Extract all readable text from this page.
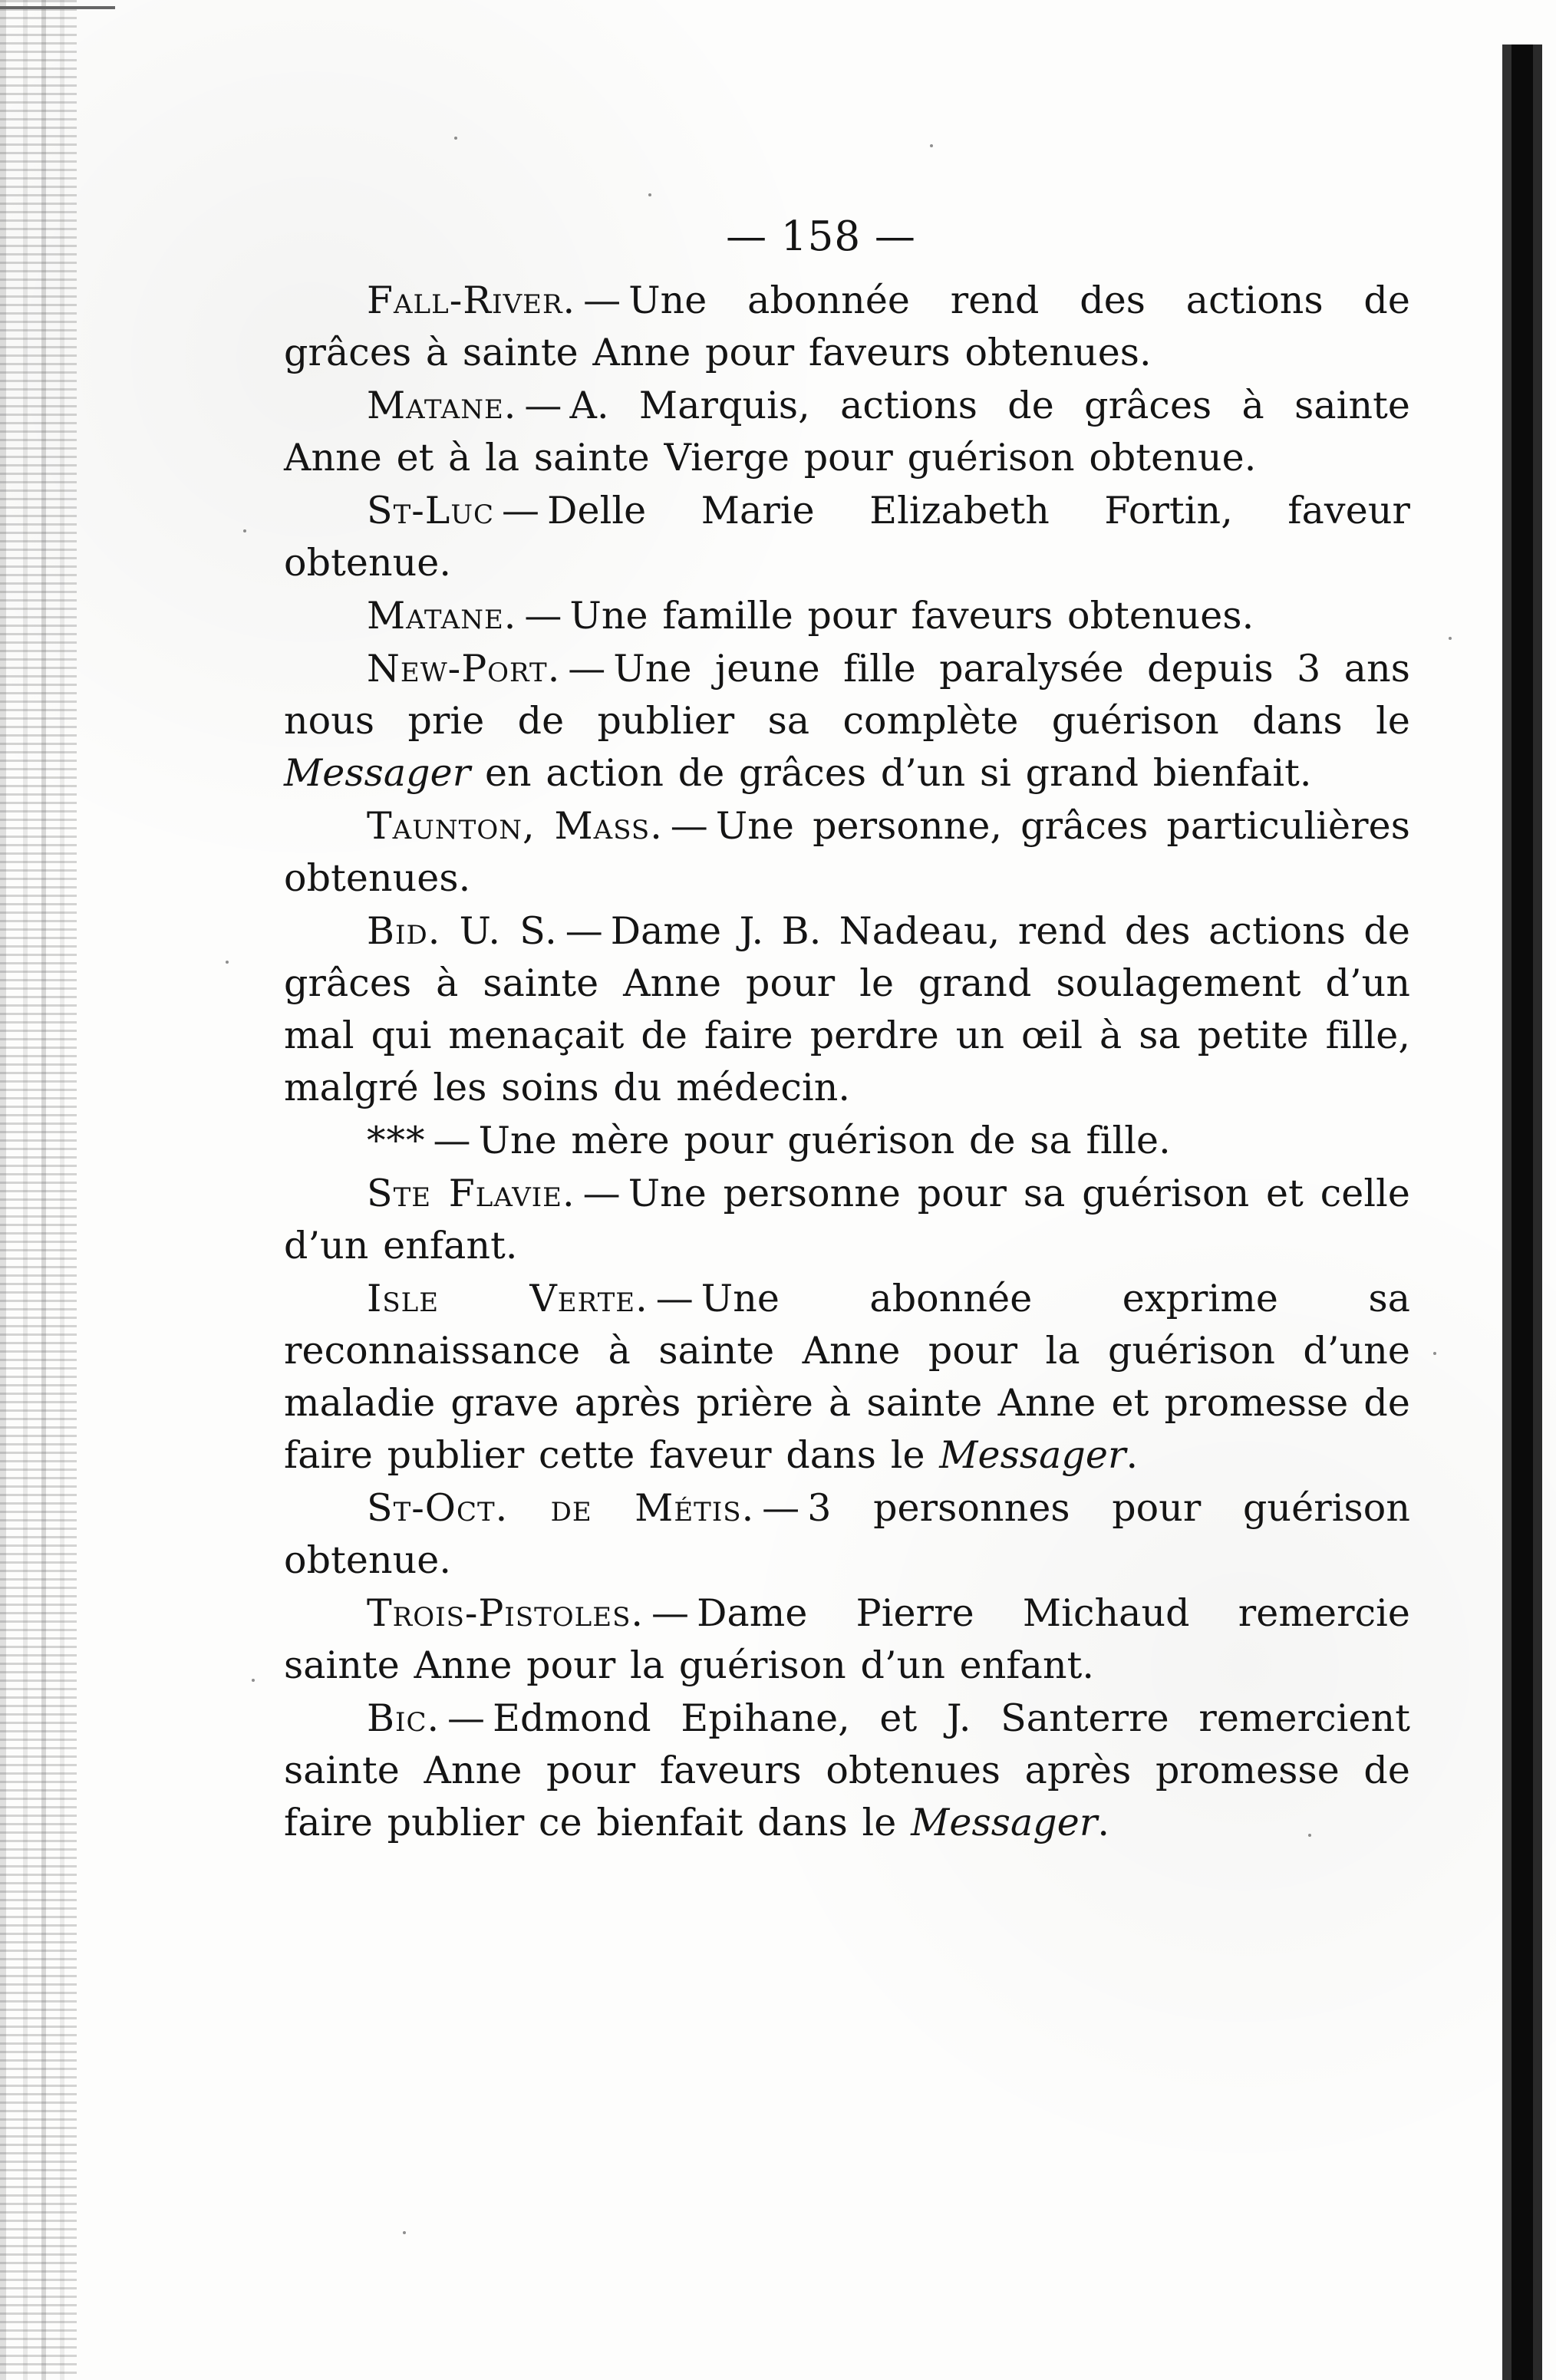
— 158 —

Fall-River. — Une abonnée rend des actions de grâces à sainte Anne pour faveurs obtenues.

Matane. — A. Marquis, actions de grâces à sainte Anne et à la sainte Vierge pour guérison obtenue.

St-Luc — Delle Marie Elizabeth Fortin, faveur obtenue.

Matane. — Une famille pour faveurs obtenues.

New-Port. — Une jeune fille paralysée depuis 3 ans nous prie de publier sa complète guérison dans le Messager en action de grâces d’un si grand bienfait.

Taunton, Mass. — Une personne, grâces particulières obtenues.

Bid. U. S. — Dame J. B. Nadeau, rend des actions de grâces à sainte Anne pour le grand soulagement d’un mal qui menaçait de faire perdre un œil à sa petite fille, malgré les soins du médecin.

*** — Une mère pour guérison de sa fille.

Ste Flavie. — Une personne pour sa guérison et celle d’un enfant.

Isle Verte. — Une abonnée exprime sa reconnaissance à sainte Anne pour la guérison d’une maladie grave après prière à sainte Anne et promesse de faire publier cette faveur dans le Messager.

St-Oct. de Métis. — 3 personnes pour guérison obtenue.

Trois-Pistoles. — Dame Pierre Michaud remercie sainte Anne pour la guérison d’un enfant.

Bic. — Edmond Epihane, et J. Santerre remercient sainte Anne pour faveurs obtenues après promesse de faire publier ce bienfait dans le Messager.
